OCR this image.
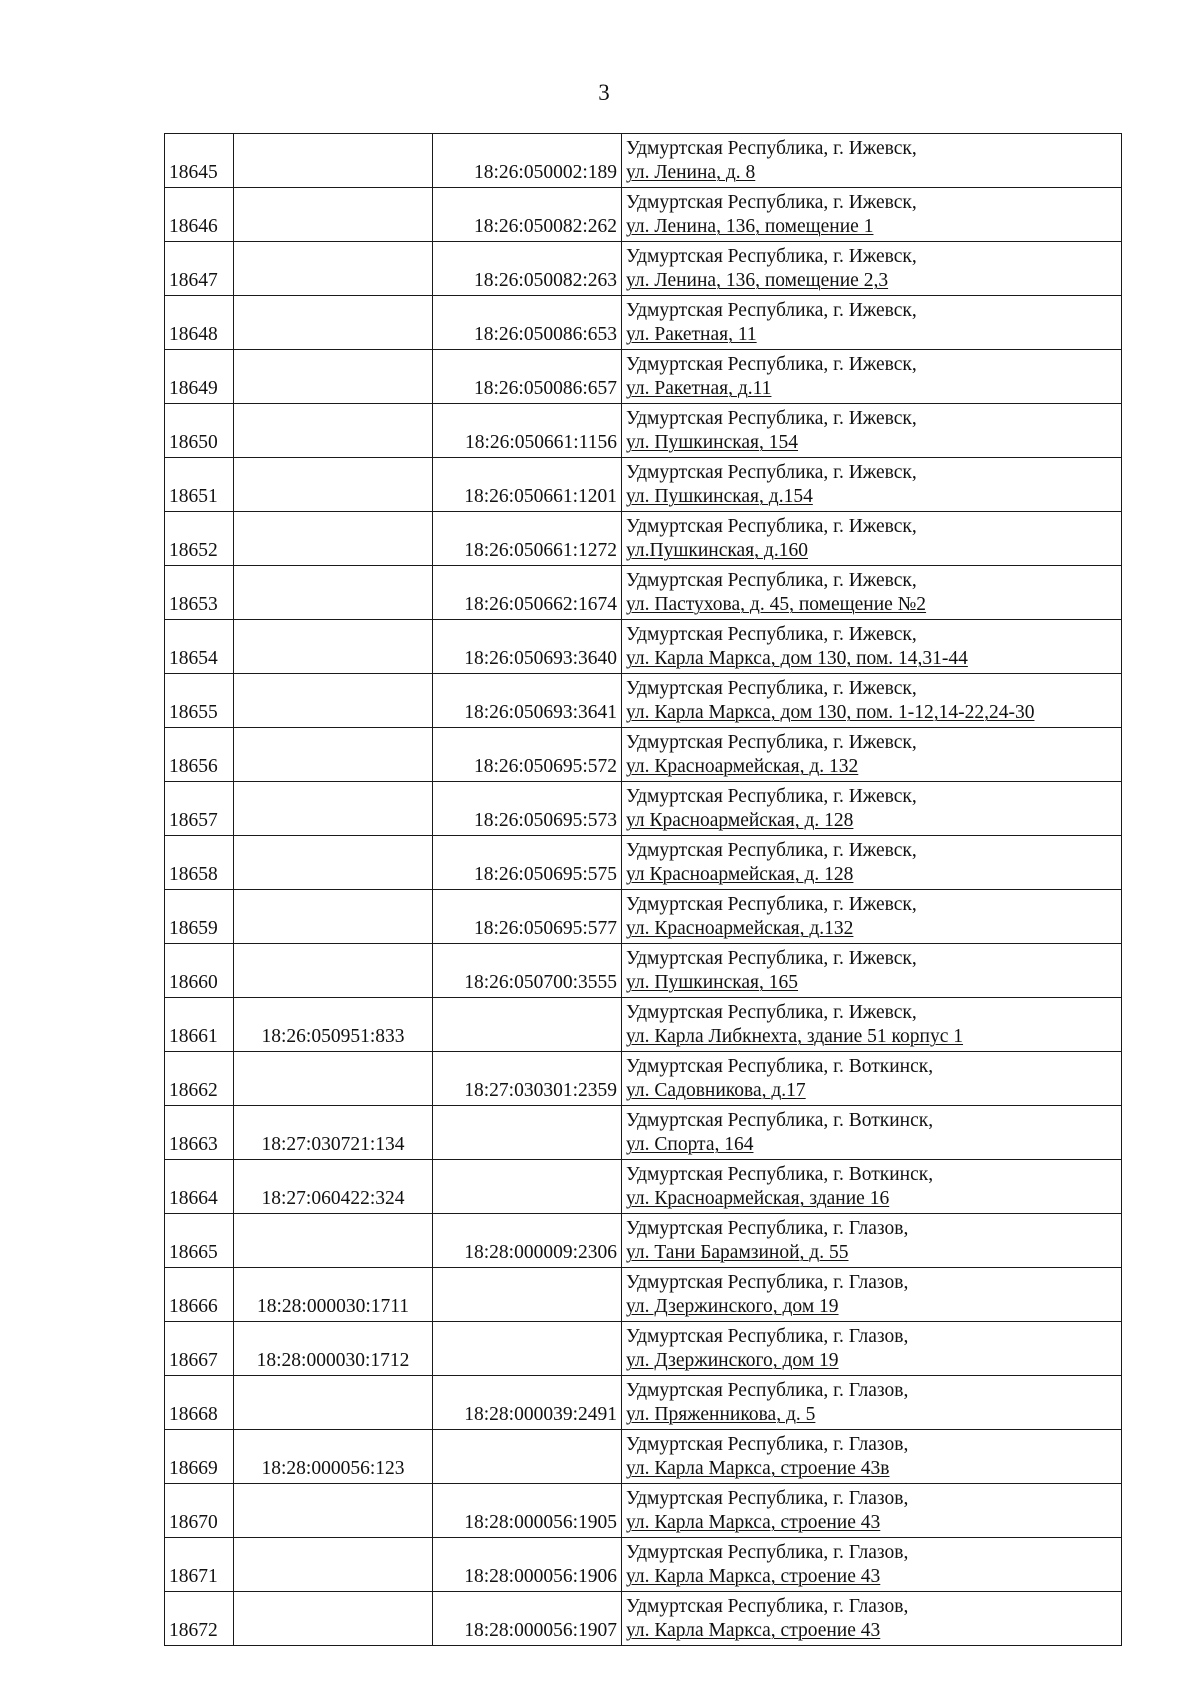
3
18645		18:26:050002:189	Удмуртская Республика, г. Ижевск,
ул. Ленина, д. 8

18646		18:26:050082:262	Удмуртская Республика, г. Ижевск,
ул. Ленина, 136, помещение 1

18647		18:26:050082:263	Удмуртская Республика, г. Ижевск,
ул. Ленина, 136, помещение 2,3

18648		18:26:050086:653	Удмуртская Республика, г. Ижевск,
ул. Ракетная, 11

18649		18:26:050086:657	Удмуртская Республика, г. Ижевск,
ул. Ракетная, д.11

18650		18:26:050661:1156	Удмуртская Республика, г. Ижевск,
ул. Пушкинская, 154

18651		18:26:050661:1201	Удмуртская Республика, г. Ижевск,
ул. Пушкинская, д.154

18652		18:26:050661:1272	Удмуртская Республика, г. Ижевск,
ул.Пушкинская, д.160

18653		18:26:050662:1674	Удмуртская Республика, г. Ижевск,
ул. Пастухова, д. 45, помещение №2

18654		18:26:050693:3640	Удмуртская Республика, г. Ижевск,
ул. Карла Маркса, дом 130, пом. 14,31-44

18655		18:26:050693:3641	Удмуртская Республика, г. Ижевск,
ул. Карла Маркса, дом 130, пом. 1-12,14-22,24-30

18656		18:26:050695:572	Удмуртская Республика, г. Ижевск,
ул. Красноармейская, д. 132

18657		18:26:050695:573	Удмуртская Республика, г. Ижевск,
ул Красноармейская, д. 128

18658		18:26:050695:575	Удмуртская Республика, г. Ижевск,
ул Красноармейская, д. 128

18659		18:26:050695:577	Удмуртская Республика, г. Ижевск,
ул. Красноармейская, д.132

18660		18:26:050700:3555	Удмуртская Республика, г. Ижевск,
ул. Пушкинская, 165

18661	18:26:050951:833		Удмуртская Республика, г. Ижевск,
ул. Карла Либкнехта, здание 51 корпус 1

18662		18:27:030301:2359	Удмуртская Республика, г. Воткинск,
ул. Садовникова, д.17

18663	18:27:030721:134		Удмуртская Республика, г. Воткинск,
ул. Спорта, 164

18664	18:27:060422:324		Удмуртская Республика, г. Воткинск,
ул. Красноармейская, здание 16

18665		18:28:000009:2306	Удмуртская Республика, г. Глазов,
ул. Тани Барамзиной, д. 55

18666	18:28:000030:1711		Удмуртская Республика, г. Глазов,
ул. Дзержинского, дом 19

18667	18:28:000030:1712		Удмуртская Республика, г. Глазов,
ул. Дзержинского, дом 19

18668		18:28:000039:2491	Удмуртская Республика, г. Глазов,
ул. Пряженникова, д. 5

18669	18:28:000056:123		Удмуртская Республика, г. Глазов,
ул. Карла Маркса, строение 43в

18670		18:28:000056:1905	Удмуртская Республика, г. Глазов,
ул. Карла Маркса, строение 43

18671		18:28:000056:1906	Удмуртская Республика, г. Глазов,
ул. Карла Маркса, строение 43

18672		18:28:000056:1907	Удмуртская Республика, г. Глазов,
ул. Карла Маркса, строение 43
